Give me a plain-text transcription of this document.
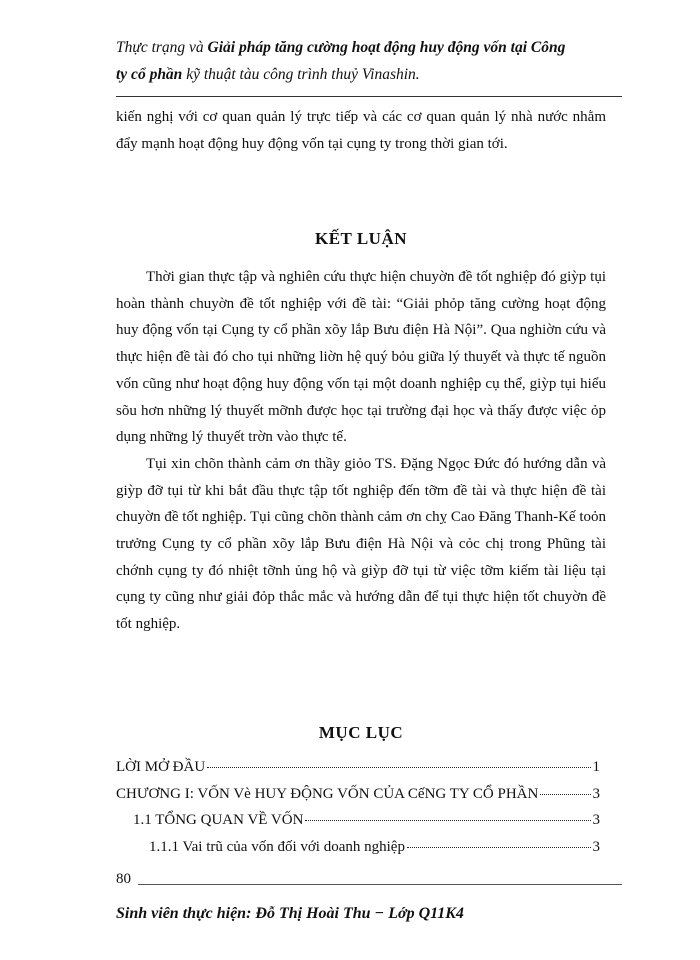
Thực trạng và Giải pháp tăng cường hoạt động huy động vốn tại Công
ty cổ phần kỹ thuật tàu công trình thuỷ Vinashin.

kiến nghị với cơ quan quản lý trực tiếp và các cơ quan quản lý nhà nước nhằm đẩy mạnh hoạt động huy động vốn tại cụng ty trong thời gian tới.

KẾT LUẬN

Thời gian thực tập và nghiên cứu thực hiện chuyờn đề tốt nghiệp đó giỳp tụi hoàn thành chuyờn đề tốt nghiệp với đề tài: “Giải phỏp tăng cường hoạt động huy động vốn tại Cụng ty cổ phần xõy lắp Bưu điện Hà Nội”. Qua nghiờn cứu và thực hiện đề tài đó cho tụi những liờn hệ quý bỏu giữa lý thuyết và thực tế nguồn vốn cũng như hoạt động huy động vốn tại một doanh nghiệp cụ thể, giỳp tụi hiểu sõu hơn những lý thuyết mỡnh được học tại trường đại học và thấy được việc ỏp dụng những lý thuyết trờn vào thực tế.

Tụi xin chõn thành cảm ơn thầy giỏo TS. Đặng Ngọc Đức đó hướng dẫn và giỳp đỡ tụi từ khi bắt đầu thực tập tốt nghiệp đến tỡm đề tài và thực hiện đề tài chuyờn đề tốt nghiệp. Tụi cũng chõn thành cảm ơn chỵ Cao Đăng Thanh-Kế toỏn trưởng Cụng ty cổ phần xõy lắp Bưu điện Hà Nội và cỏc chị trong Phũng tài chớnh cụng ty đó nhiệt tỡnh ủng hộ và giỳp đỡ tụi từ việc tỡm kiếm tài liệu tại cụng ty cũng như giải đỏp thắc mắc và hướng dẫn để tụi thực hiện tốt chuyờn đề tốt nghiệp.

MỤC LỤC
LỜI MỞ ĐẦU	1
CHƯƠNG I: VỐN Vè HUY ĐỘNG VỐN CỦA CếNG TY CỔ PHẦN	3
1.1 TỔNG QUAN VỀ VỐN	3
1.1.1 Vai trũ của vốn đối với doanh nghiệp	3
80
Sinh viên thực hiện: Đỗ Thị Hoài Thu − Lớp Q11K4
